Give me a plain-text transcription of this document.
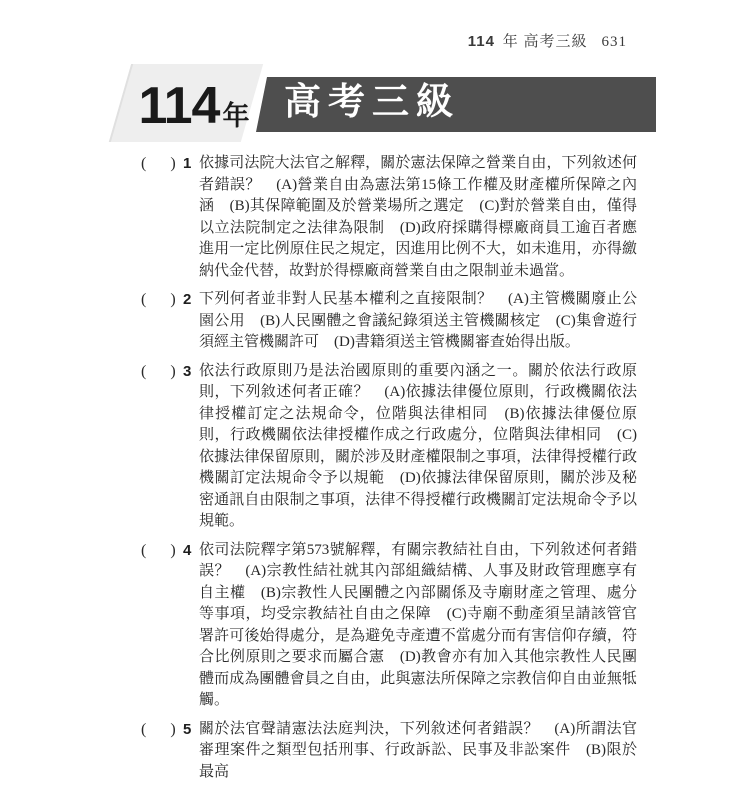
114 年 高考三級 631
114 年 高考三級
(　) 1 依據司法院大法官之解釋，關於憲法保障之營業自由，下列敘述何者錯誤？　(A)營業自由為憲法第15條工作權及財產權所保障之內涵　(B)其保障範圍及於營業場所之選定　(C)對於營業自由，僅得以立法院制定之法律為限制　(D)政府採購得標廠商員工逾百者應進用一定比例原住民之規定，因進用比例不大，如未進用，亦得繳納代金代替，故對於得標廠商營業自由之限制並未過當。
(　) 2 下列何者並非對人民基本權利之直接限制？　(A)主管機關廢止公園公用　(B)人民團體之會議紀錄須送主管機關核定　(C)集會遊行須經主管機關許可　(D)書籍須送主管機關審查始得出版。
(　) 3 依法行政原則乃是法治國原則的重要內涵之一。關於依法行政原則，下列敘述何者正確？　(A)依據法律優位原則，行政機關依法律授權訂定之法規命令，位階與法律相同　(B)依據法律優位原則，行政機關依法律授權作成之行政處分，位階與法律相同　(C)依據法律保留原則，關於涉及財產權限制之事項，法律得授權行政機關訂定法規命令予以規範　(D)依據法律保留原則，關於涉及秘密通訊自由限制之事項，法律不得授權行政機關訂定法規命令予以規範。
(　) 4 依司法院釋字第573號解釋，有關宗教結社自由，下列敘述何者錯誤？　(A)宗教性結社就其內部組織結構、人事及財政管理應享有自主權　(B)宗教性人民團體之內部關係及寺廟財產之管理、處分等事項，均受宗教結社自由之保障　(C)寺廟不動產須呈請該管官署許可後始得處分，是為避免寺產遭不當處分而有害信仰存續，符合比例原則之要求而屬合憲　(D)教會亦有加入其他宗教性人民團體而成為團體會員之自由，此與憲法所保障之宗教信仰自由並無牴觸。
(　) 5 關於法官聲請憲法法庭判決，下列敘述何者錯誤？　(A)所謂法官審理案件之類型包括刑事、行政訴訟、民事及非訟案件　(B)限於最高
